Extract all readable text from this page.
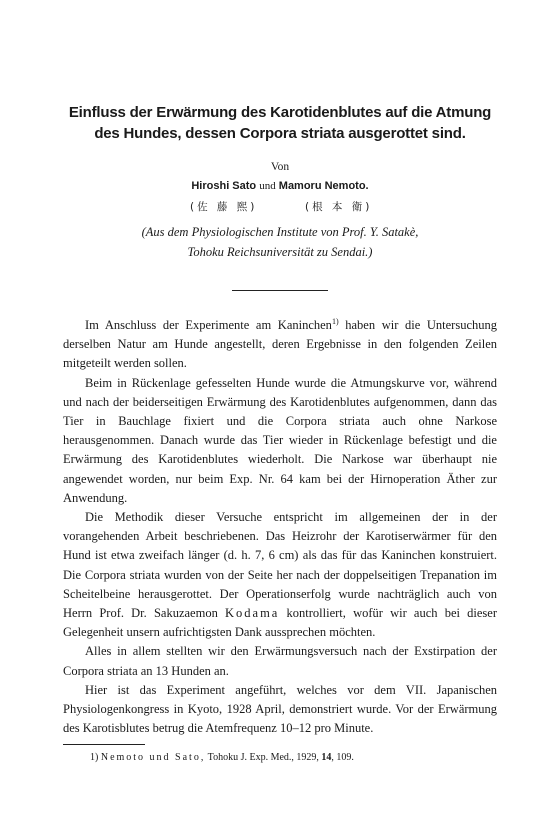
Einfluss der Erwärmung des Karotidenblutes auf die Atmung
des Hundes, dessen Corpora striata ausgerottet sind.
Von
Hiroshi Sato und Mamoru Nemoto.
(佐 藤 熙)	(根 本 衛)
(Aus dem Physiologischen Institute von Prof. Y. Satakè,
Tohoku Reichsuniversität zu Sendai.)

Im Anschluss der Experimente am Kaninchen$^{1)}$ haben wir die Untersuchung derselben Natur am Hunde angestellt, deren Ergebnisse in den folgenden Zeilen mitgeteilt werden sollen.

Beim in Rückenlage gefesselten Hunde wurde die Atmungskurve vor, während und nach der beiderseitigen Erwärmung des Karotidenblutes aufgenommen, dann das Tier in Bauchlage fixiert und die Corpora striata auch ohne Narkose herausgenommen. Danach wurde das Tier wieder in Rückenlage befestigt und die Erwärmung des Karotidenblutes wiederholt. Die Narkose war überhaupt nie angewendet worden, nur beim Exp. Nr. 64 kam bei der Hirnoperation Äther zur Anwendung.

Die Methodik dieser Versuche entspricht im allgemeinen der in der vorangehenden Arbeit beschriebenen. Das Heizrohr der Karotiserwärmer für den Hund ist etwa zweifach länger (d. h. 7, 6 cm) als das für das Kaninchen konstruiert. Die Corpora striata wurden von der Seite her nach der doppelseitigen Trepanation im Scheitelbeine herausgerottet. Der Operationserfolg wurde nachträglich auch von Herrn Prof. Dr. Sakuzaemon Kodama kontrolliert, wofür wir auch bei dieser Gelegenheit unsern aufrichtigsten Dank aussprechen möchten.

Alles in allem stellten wir den Erwärmungsversuch nach der Exstirpation der Corpora striata an 13 Hunden an.

Hier ist das Experiment angeführt, welches vor dem VII. Japanischen Physiologenkongress in Kyoto, 1928 April, demonstriert wurde. Vor der Erwärmung des Karotisblutes betrug die Atemfrequenz 10–12 pro Minute.

1) Nemoto und Sato, Tohoku J. Exp. Med., 1929, 14, 109.
